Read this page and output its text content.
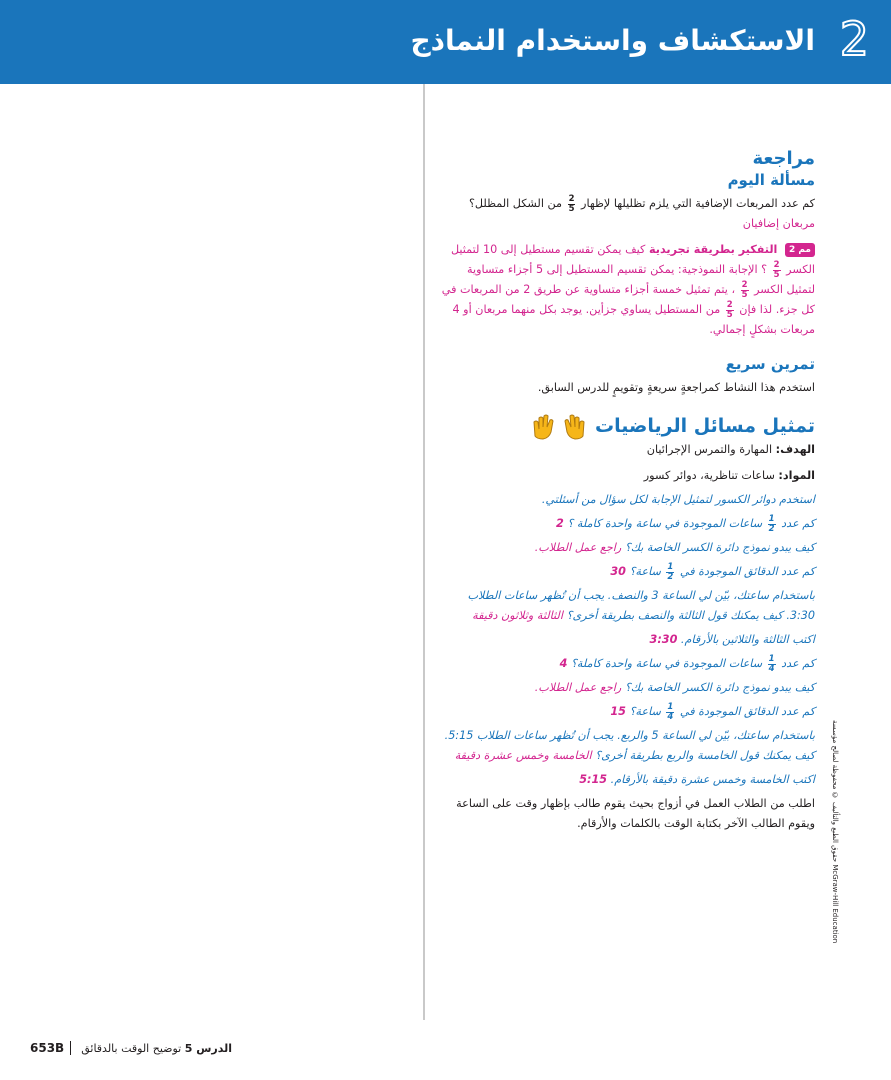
2
الاستكشاف واستخدام النماذج

مراجعة

مسألة اليوم

كم عدد المربعات الإضافية التي يلزم تظليلها لإظهار
$\frac{2}{5}$
من الشكل المظلل؟ مربعان إضافيان

مم 2 التفكير بطريقة تجريدية كيف يمكن تقسيم مستطيل إلى 10 لتمثيل الكسر
$\frac{2}{5}$
؟ الإجابة النموذجية: يمكن تقسيم المستطيل إلى 5 أجزاء متساوية لتمثيل الكسر
$\frac{2}{5}$
، يتم تمثيل خمسة أجزاء متساوية عن طريق 2 من المربعات في كل جزء. لذا فإن
$\frac{2}{5}$
من المستطيل يساوي جزأين. يوجد بكل منهما مربعان أو 4 مربعات بشكلٍ إجمالي.

تمرين سريع

استخدم هذا النشاط كمراجعةٍ سريعةٍ وتقويمٍ للدرس السابق.

تمثيل مسائل الرياضيات

الهدف: المهارة والتمرس الإجرائيان

المواد: ساعات تناظرية، دوائر كسور

استخدم دوائر الكسور لتمثيل الإجابة لكل سؤال من أسئلتي.

كم عدد
$\frac{1}{2}$
ساعات الموجودة في ساعة واحدة كاملة ؟ 2

كيف يبدو نموذج دائرة الكسر الخاصة بك؟ راجع عمل الطلاب.

كم عدد الدقائق الموجودة في
$\frac{1}{2}$
ساعة؟ 30

باستخدام ساعتك، بيّن لي الساعة 3 والنصف. يجب أن تُظهر ساعات الطلاب 3:30. كيف يمكنك قول الثالثة والنصف بطريقة أخرى؟ الثالثة وثلاثون دقيقة

اكتب الثالثة والثلاثين بالأرقام. 3:30

كم عدد
$\frac{1}{4}$
ساعات الموجودة في ساعة واحدة كاملة؟ 4

كيف يبدو نموذج دائرة الكسر الخاصة بك؟ راجع عمل الطلاب.

كم عدد الدقائق الموجودة في
$\frac{1}{4}$
ساعة؟ 15

باستخدام ساعتك، بيّن لي الساعة 5 والربع. يجب أن تُظهر ساعات الطلاب 5:15. كيف يمكنك قول الخامسة والربع بطريقة أخرى؟ الخامسة وخمس عشرة دقيقة

اكتب الخامسة وخمس عشرة دقيقة بالأرقام. 5:15

اطلب من الطلاب العمل في أزواج بحيث يقوم طالب بإظهار وقت على الساعة ويقوم الطالب الآخر بكتابة الوقت بالكلمات والأرقام.	حقوق الطبع والتأليف © محفوظة لصالح مؤسسة McGraw-Hill Education
653B	الدرس 5 توضيح الوقت بالدقائق
